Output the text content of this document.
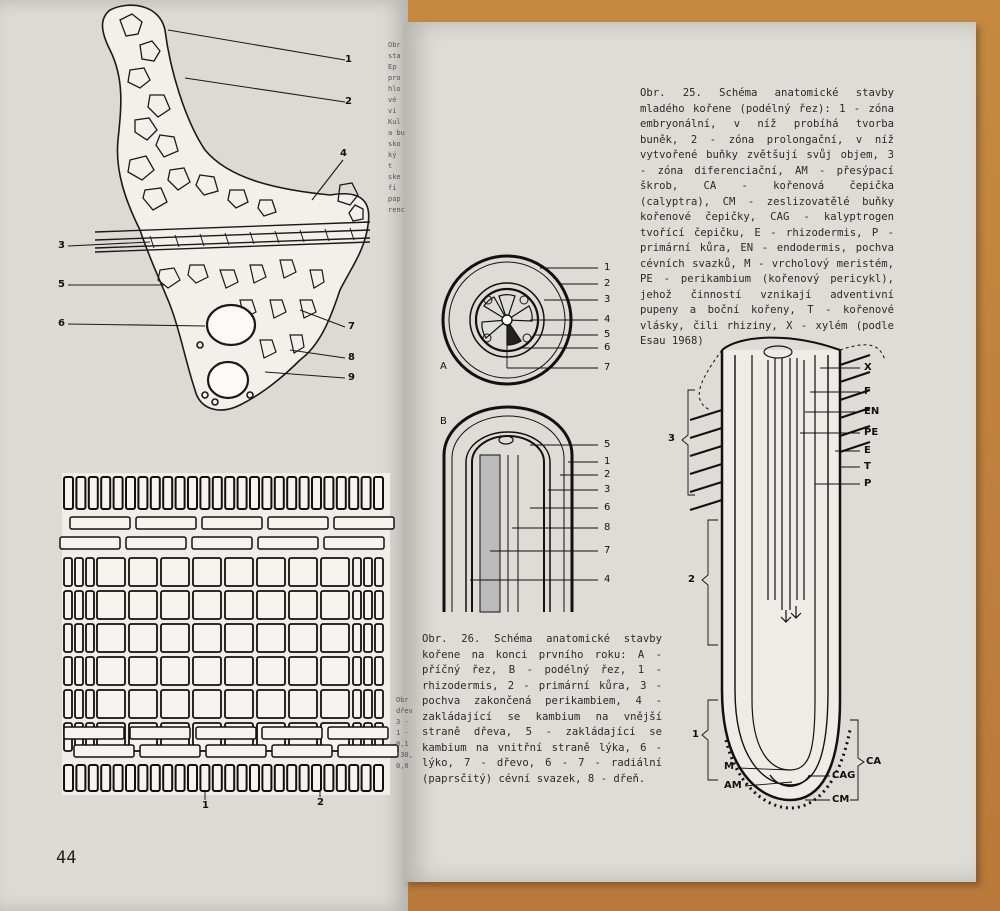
Obr. 25. Schéma anatomické stavby mladého kořene (podélný řez): 1 - zóna embryonální, v níž probíhá tvorba buněk, 2 - zóna prolongační, v níž vytvořené buňky zvětšují svůj objem, 3 - zóna diferenciační, AM - přesýpací škrob, CA - kořenová čepička (calyptra), CM - zeslizovatělé buňky kořenové čepičky, CAG - kalyptrogen tvořící čepičku, E - rhizodermis, P - primární kůra, EN - endodermis, pochva cévních svazků, M - vrcholový meristém, PE - perikambium (kořenový pericykl), jehož činností vznikají adventivní pupeny a boční kořeny, T - kořenové vlásky, čili rhiziny, X - xylém (podle Esau 1968)
Obr. 26. Schéma anatomické stavby kořene na konci prvního roku: A - příčný řez, B - podélný řez, 1 - rhizodermis, 2 - primární kůra, 3 - pochva zakončená perikambiem, 4 - zakládající se kambium na vnější straně dřeva, 5 - zakládající se kambium na vnitřní straně lýka, 6 - lýko, 7 - dřevo, 6 - 7 - radiální (paprsčitý) cévní svazek, 8 - dřeň.
44
1
2
3
4
5
6	7
8
9
1	2
Obr
sta
Ep
pro
hlo
vé
ví
Kul
a bu
sko
ký
t
ske
fi
pap
renc
Obr
dřev
3 -
1 -
0,1
(30,
0,0
A
B
1
2
3
4
5
6
7
5
1
2
3
6
8
7
4
X
F
EN
PE
E
T
P
3
2
1
M
AM
CAG
CM
CA
